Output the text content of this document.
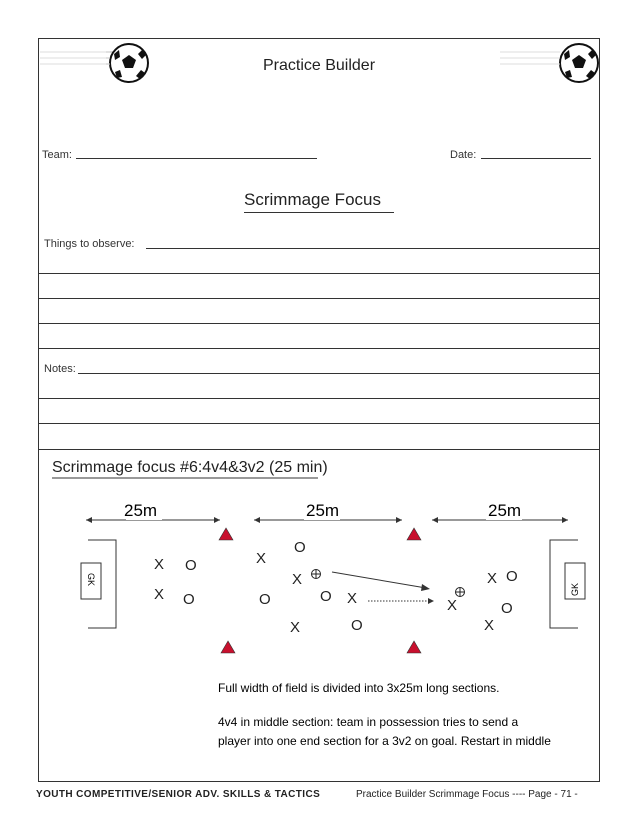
Practice Builder
Team:	Date:
Scrimmage Focus
Things to observe:
Notes:
Scrimmage focus #6:4v4&3v2 (25 min)
25m	25m	25m
GK
GK
X
X
O
O
X
O
X
O	O X
X	O
X O
X	O
X
Full width of field is divided into 3x25m long sections.
4v4 in middle section: team in possession tries to send a
player into one end section for a 3v2 on goal. Restart in middle
YOUTH COMPETITIVE/SENIOR ADV. SKILLS & TACTICS	Practice Builder Scrimmage Focus ---- Page - 71 -
